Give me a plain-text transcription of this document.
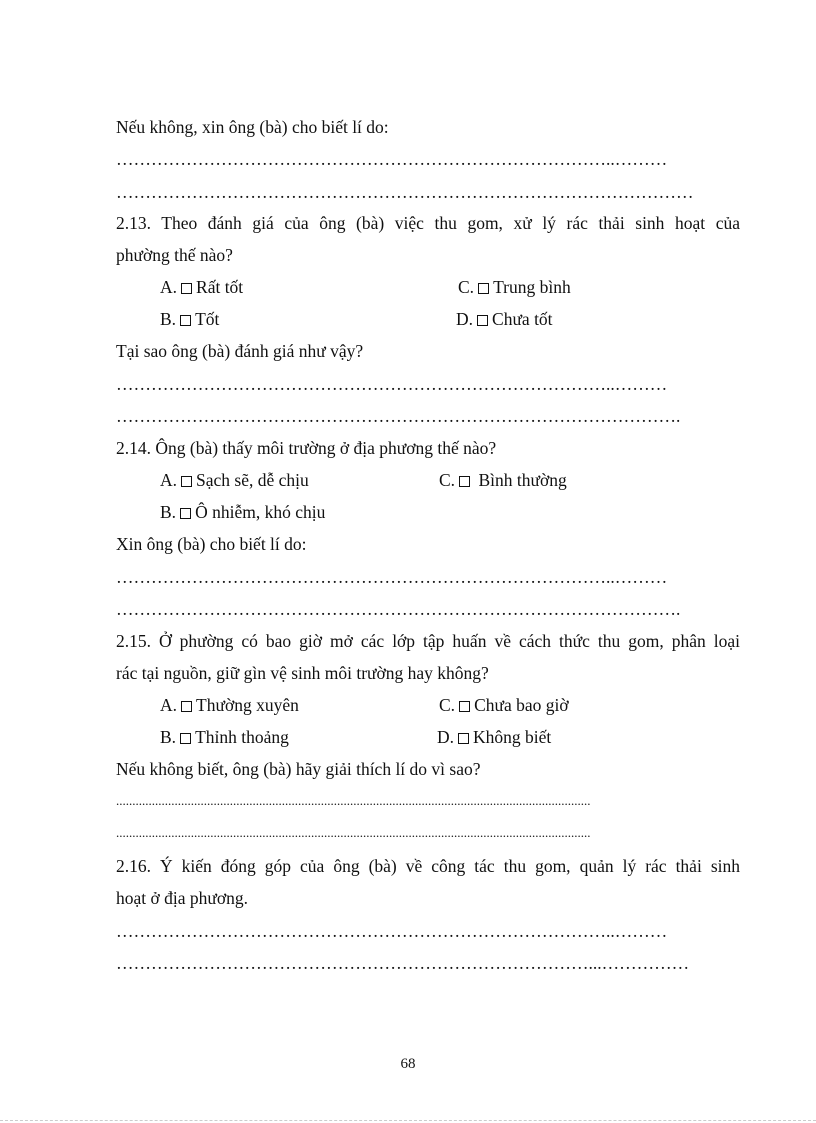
Nếu không, xin ông (bà) cho biết lí do:
…………………………………………………………………………..………
………………………………………………………………………………………
2.13. Theo đánh giá của ông (bà) việc thu gom, xử lý rác thải sinh hoạt của
phường thế nào?
A. Rất tốt	C. Trung bình
B. Tốt	D. Chưa tốt
Tại sao ông (bà) đánh giá như vậy?
…………………………………………………………………………..………
…………………………………………………………………………………….
2.14. Ông (bà) thấy môi trường ở địa phương thế nào?
A. Sạch sẽ, dễ chịu	C. Bình thường
B. Ô nhiễm, khó chịu
Xin ông (bà) cho biết lí do:
…………………………………………………………………………..………
…………………………………………………………………………………….
2.15. Ở phường có bao giờ mở các lớp tập huấn về cách thức thu gom, phân loại
rác tại nguồn, giữ gìn vệ sinh môi trường hay không?
A. Thường xuyên	C. Chưa bao giờ
B. Thỉnh thoảng	D. Không biết
Nếu không biết, ông (bà) hãy giải thích lí do vì sao?
..................................................................................................................................................
..................................................................................................................................................
2.16. Ý kiến đóng góp của ông (bà) về công tác thu gom, quản lý rác thải sinh
hoạt ở địa phương.
…………………………………………………………………………..………
………………………………………………………………………...……………
68
